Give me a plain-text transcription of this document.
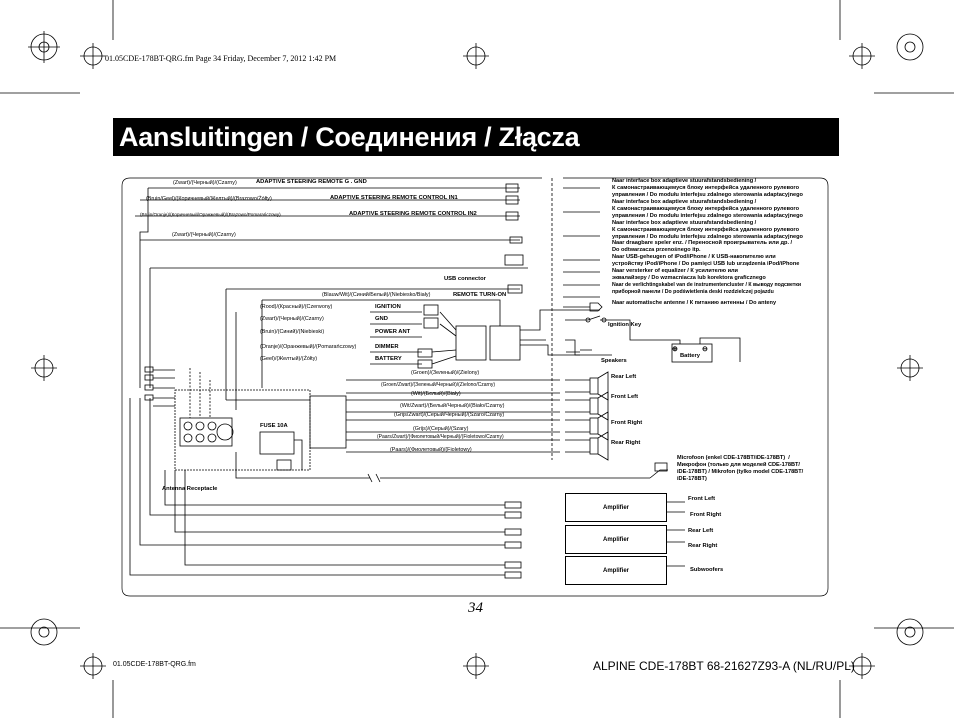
01.05CDE-178BT-QRG.fm Page 34 Friday, December 7, 2012 1:42 PM
Aansluitingen / Соединения / Złącza
(Zwart)/(Черный)/(Czarny)	ADAPTIVE STEERING REMOTE G . GND
(Bruin/Geel)/(Коричневый/Желтый)/(Brazowo/Żółty)	ADAPTIVE STEERING REMOTE CONTROL IN1
(Bruin/Oranje)/(Коричневый/Оранжевый)/(Brązowo/Pomarańczowy)	ADAPTIVE STEERING REMOTE CONTROL IN2
(Zwart)/(Черный)/(Czarny)
USB connector
(Blauw/Wit)/(Синий/Белый)/(Niebiesko/Biały)	REMOTE TURN-ON
(Rood)/(Красный)/(Czerwony)	IGNITION
(Zwart)/(Черный)/(Czarny)	GND
(Bruin)/(Синий)/(Niebieski)	POWER ANT
(Oranje)/(Оранжевый)/(Pomarańczowy)	DIMMER
(Geel)/(Желтый)/(Żółty)	BATTERY
(Groen)/(Зеленый)/(Zielony)
(Groen/Zwart)/(Зеленый/Черный)/(Zielono/Czarny)
(Wit)/(Белый)/(Biały)
(Wit/Zwart)/(Белый/Черный)/(Biało/Czarny)
(Grijs/Zwart)/(Серый/Черный)/(Szaro/Czarny)
(Grijs)/(Серый)/(Szary)
(Paars/Zwart)/(Фиолетовый/Черный)/(Fioletowo/Czarny)
(Paars)/(Фиолетовый)/(Fioletowy)
FUSE 10A
Antenna Receptacle
Naar interface box adaptieve stuurafstandsbediening /
К самонастраивающемуся блоку интерфейса удаленного рулевого
управления / Do modułu interfejsu zdalnego sterowania adaptacyjnego
Naar interface box adaptieve stuurafstandsbediening /
К самонастраивающемуся блоку интерфейса удаленного рулевого
управления / Do modułu interfejsu zdalnego sterowania adaptacyjnego
Naar interface box adaptieve stuurafstandsbediening /
К самонастраивающемуся блоку интерфейса удаленного рулевого
управления / Do modułu interfejsu zdalnego sterowania adaptacyjnego
Naar draagbare speler enz. / Переносной проигрыватель или др. /
Do odtwarzacza przenośnego itp.
Naar USB-geheugen of iPod/iPhone / К USB-накопителю или
устройству iPod/iPhone / Do pamięci USB lub urządzenia iPod/iPhone
Naar versterker of equalizer / К усилителю или
эквалайзеру / Do wzmacniacza lub korektora graficznego
Naar de verlichtingskabel van de instrumentencluster / К выводу подсветки
приборной панели / Do podświetlenia deski rozdzielczej pojazdu
Naar automatische antenne / К питанию антенны / Do anteny
Ignition Key
Battery
⊕	⊖
Speakers
Rear Left
Front Left
Front Right
Rear Right
Microfoon (enkel CDE-178BT/iDE-178BT)  /
Микрофон (только для моделей CDE-178BT/
iDE-178BT) / Mikrofon (tylko model CDE-178BT/
iDE-178BT)
Amplifier
Amplifier
Amplifier
Front Left
Front Right
Rear Left
Rear Right
Subwoofers
34
01.05CDE-178BT-QRG.fm	ALPINE CDE-178BT 68-21627Z93-A (NL/RU/PL)
